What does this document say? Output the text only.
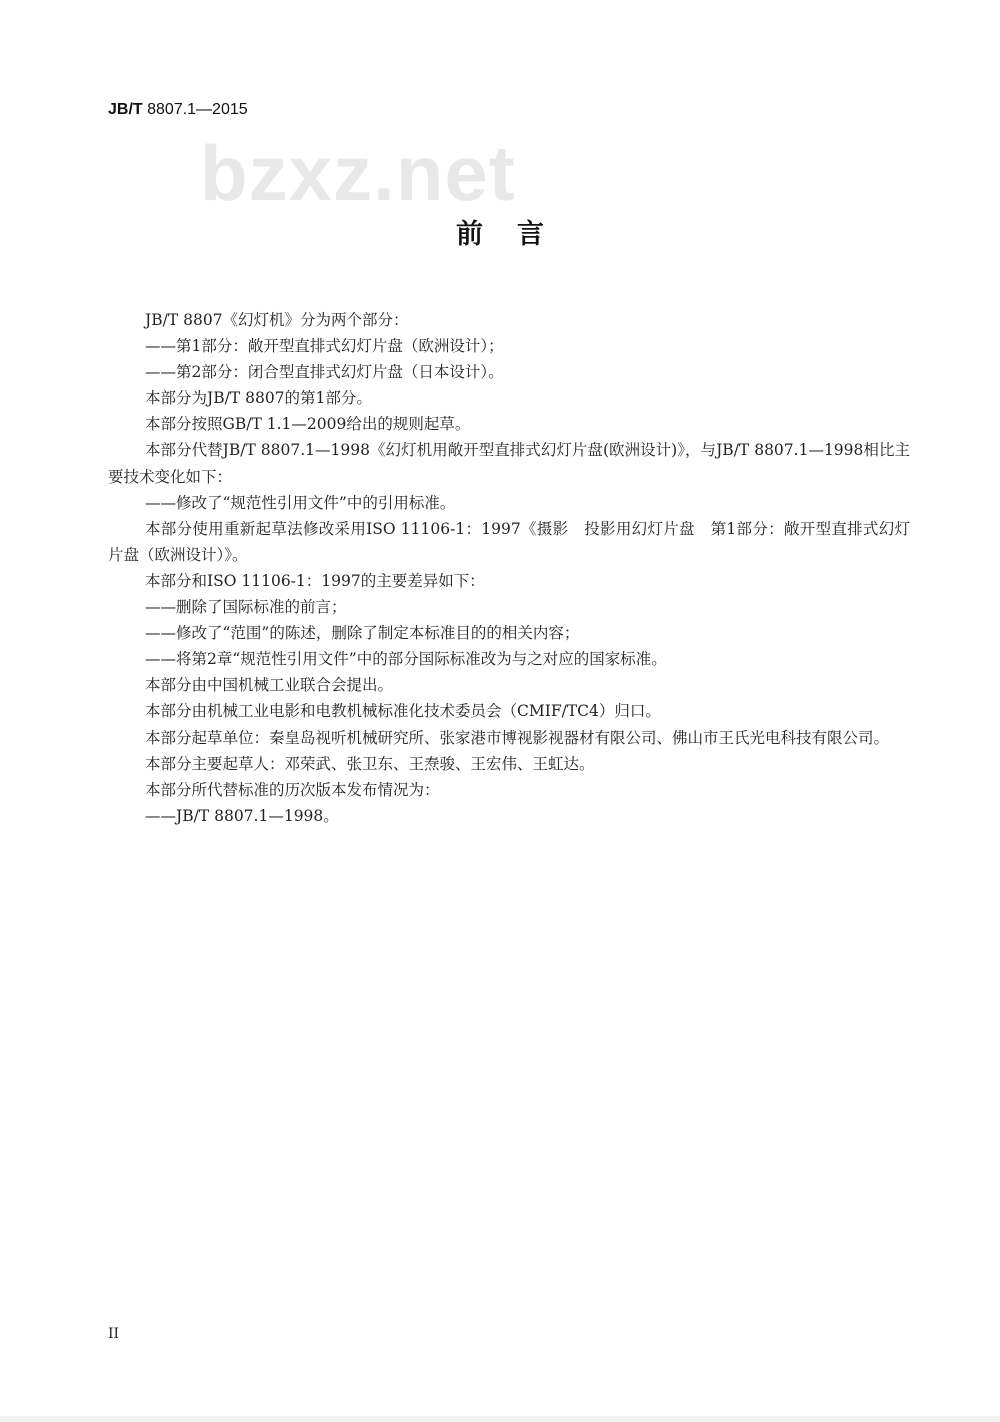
JB/T 8807.1—2015
bzxz.net
前言

JB/T 8807《幻灯机》分为两个部分：

——第1部分：敞开型直排式幻灯片盘（欧洲设计）；

——第2部分：闭合型直排式幻灯片盘（日本设计）。

本部分为JB/T 8807的第1部分。

本部分按照GB/T 1.1—2009给出的规则起草。

本部分代替JB/T 8807.1—1998《幻灯机用敞开型直排式幻灯片盘(欧洲设计)》，与JB/T 8807.1—1998相比主要技术变化如下：

——修改了“规范性引用文件”中的引用标准。

本部分使用重新起草法修改采用ISO 11106-1：1997《摄影　投影用幻灯片盘　第1部分：敞开型直排式幻灯片盘（欧洲设计）》。

本部分和ISO 11106-1：1997的主要差异如下：

——删除了国际标准的前言；

——修改了“范围”的陈述，删除了制定本标准目的的相关内容；

——将第2章“规范性引用文件”中的部分国际标准改为与之对应的国家标准。

本部分由中国机械工业联合会提出。

本部分由机械工业电影和电教机械标准化技术委员会（CMIF/TC4）归口。

本部分起草单位：秦皇岛视听机械研究所、张家港市博视影视器材有限公司、佛山市王氏光电科技有限公司。

本部分主要起草人：邓荣武、张卫东、王焘骏、王宏伟、王虹达。

本部分所代替标准的历次版本发布情况为：

——JB/T 8807.1—1998。

II
